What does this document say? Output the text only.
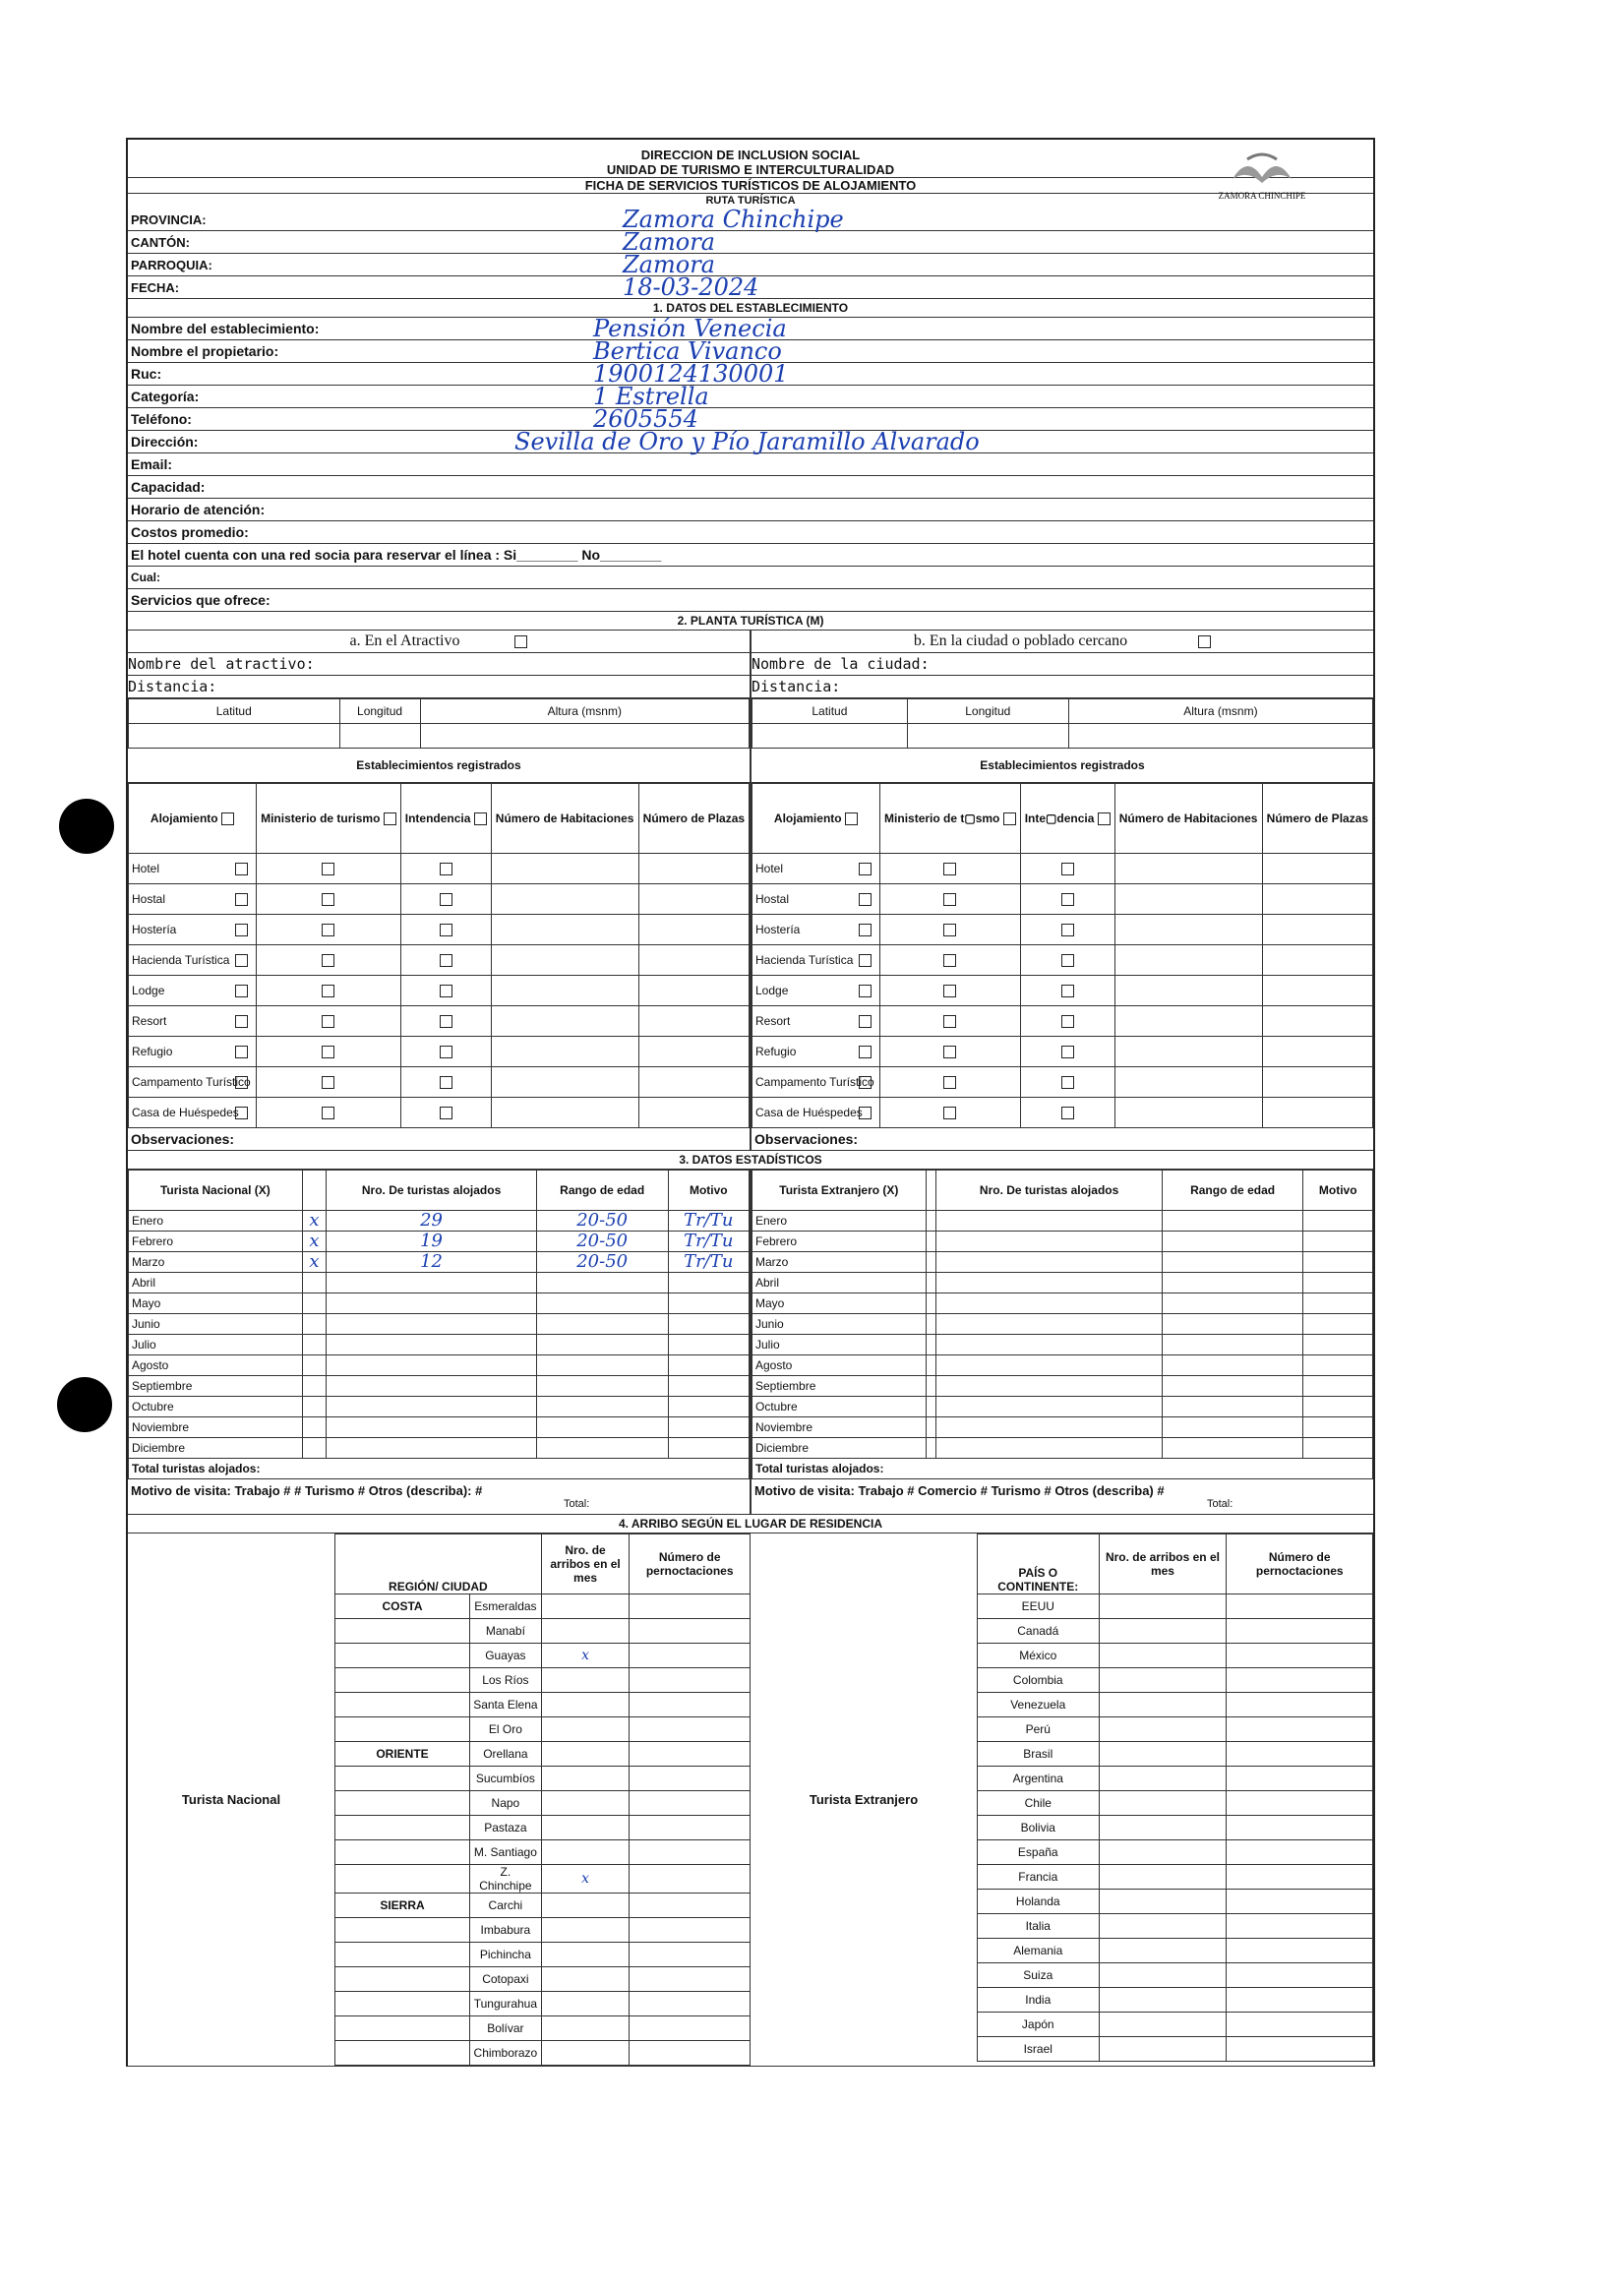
ZAMORA CHINCHIPE
DIRECCION DE INCLUSION SOCIAL
UNIDAD DE TURISMO E INTERCULTURALIDAD
FICHA DE SERVICIOS TURÍSTICOS DE ALOJAMIENTO
RUTA TURÍSTICA
PROVINCIA:	Zamora Chinchipe
CANTÓN:	Zamora
PARROQUIA:	Zamora
FECHA:	18-03-2024
1. DATOS DEL ESTABLECIMIENTO
Nombre del establecimiento:	Pensión Venecia
Nombre el propietario:	Bertica Vivanco
Ruc:	1900124130001
Categoría:	1 Estrella
Teléfono:	2605554
Dirección:	Sevilla de Oro y Pío Jaramillo Alvarado
Email:
Capacidad:
Horario de atención:
Costos promedio:
El hotel cuenta con una red socia para reservar el línea : Si________ No________
Cual:
Servicios que ofrece:
2. PLANTA TURÍSTICA (M)
a. En el Atractivo

Nombre del atractivo:
Distancia:
Latitud	Longitud	Altura (msnm)

Establecimientos registrados
Alojamiento	Ministerio de turismo	Intendencia	Número de Habitaciones	Número de Plazas
Hotel

Hostal

Hostería

Hacienda Turística

Lodge

Resort

Refugio

Campamento Turístico

Casa de Huéspedes

Observaciones:
b. En la ciudad o poblado cercano

Nombre de la ciudad:
Distancia:
Latitud	Longitud	Altura (msnm)

Establecimientos registrados
Alojamiento	Ministerio de t▢smo	Inte▢dencia	Número de Habitaciones	Número de Plazas
Hotel

Hostal

Hostería

Hacienda Turística

Lodge

Resort

Refugio

Campamento Turístico

Casa de Huéspedes

Observaciones:
3. DATOS ESTADÍSTICOS
Turista Nacional (X)		Nro. De turistas alojados	Rango de edad	Motivo
Enero	x	29	20-50	Tr/Tu
Febrero	x	19	20-50	Tr/Tu
Marzo	x	12	20-50	Tr/Tu
Abril				
Mayo				
Junio				
Julio				
Agosto				
Septiembre				
Octubre				
Noviembre				
Diciembre				
Total turistas alojados:				
Turista Extranjero (X)		Nro. De turistas alojados	Rango de edad	Motivo
Enero				
Febrero				
Marzo				
Abril				
Mayo				
Junio				
Julio				
Agosto				
Septiembre				
Octubre				
Noviembre				
Diciembre				
Total turistas alojados:				
Motivo de visita: Trabajo # # Turismo # Otros (describa): #
Total:
Motivo de visita: Trabajo # Comercio # Turismo # Otros (describa) #
Total:
4. ARRIBO SEGÚN EL LUGAR DE RESIDENCIA
Turista Nacional
REGIÓN/ CIUDAD		Nro. de arribos en el mes	Número de pernoctaciones
COSTA	Esmeraldas		
	Manabí		
	Guayas	x	
	Los Ríos		
	Santa Elena		
	El Oro		
ORIENTE	Orellana		
	Sucumbíos		
	Napo		
	Pastaza		
	M. Santiago		
	Z. Chinchipe	x	
SIERRA	Carchi		
	Imbabura		
	Pichincha		
	Cotopaxi		
	Tungurahua		
	Bolívar		
	Chimborazo		
Turista Extranjero
PAÍS O CONTINENTE:	Nro. de arribos en el mes	Número de pernoctaciones
EEUU		
Canadá		
México		
Colombia		
Venezuela		
Perú		
Brasil		
Argentina		
Chile		
Bolivia		
España		
Francia		
Holanda		
Italia		
Alemania		
Suiza		
India		
Japón		
Israel		
